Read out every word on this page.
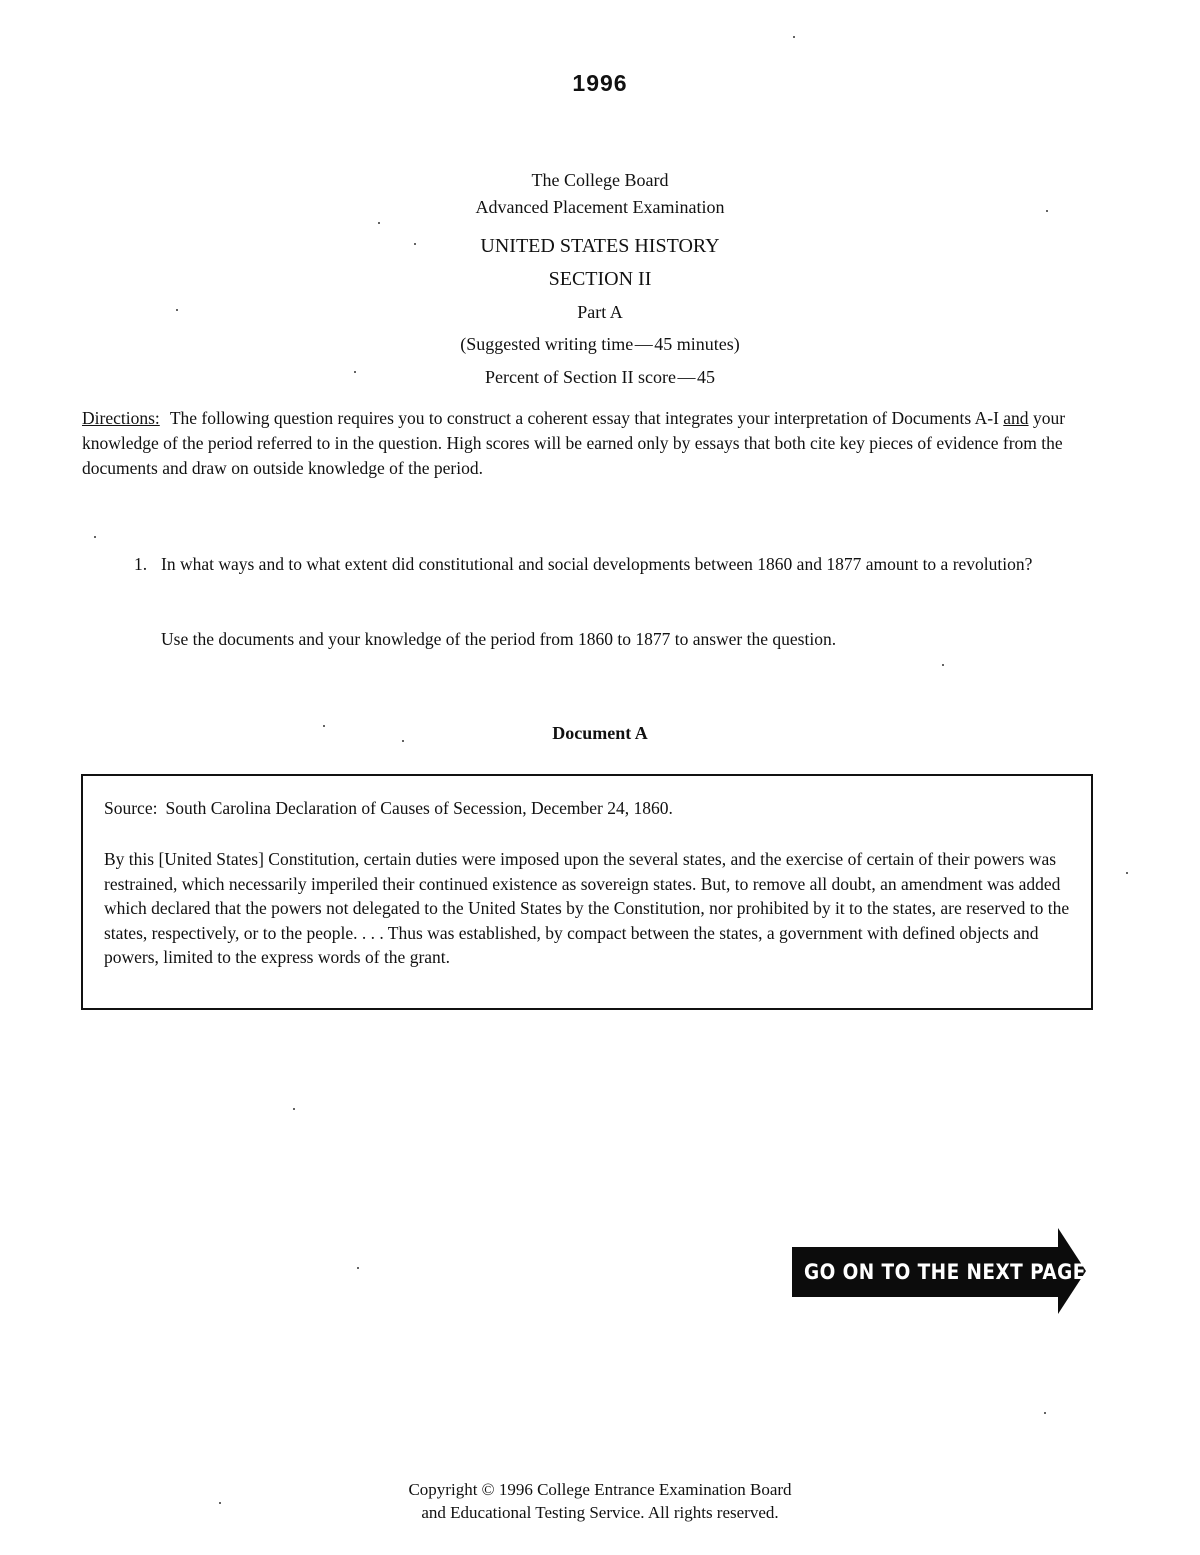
1996
The College Board
Advanced Placement Examination
UNITED STATES HISTORY
SECTION II
Part A
(Suggested writing time — 45 minutes)
Percent of Section II score — 45
Directions: The following question requires you to construct a coherent essay that integrates your interpretation of Documents A-I and your knowledge of the period referred to in the question. High scores will be earned only by essays that both cite key pieces of evidence from the documents and draw on outside knowledge of the period.
1. In what ways and to what extent did constitutional and social developments between 1860 and 1877 amount to a revolution?
Use the documents and your knowledge of the period from 1860 to 1877 to answer the question.
Document A
Source: South Carolina Declaration of Causes of Secession, December 24, 1860.
By this [United States] Constitution, certain duties were imposed upon the several states, and the exercise of certain of their powers was restrained, which necessarily imperiled their continued existence as sovereign states. But, to remove all doubt, an amendment was added which declared that the powers not delegated to the United States by the Constitution, nor prohibited by it to the states, are reserved to the states, respectively, or to the people. . . . Thus was established, by compact between the states, a government with defined objects and powers, limited to the express words of the grant.
GO ON TO THE NEXT PAGE
Copyright © 1996 College Entrance Examination Board
and Educational Testing Service. All rights reserved.
